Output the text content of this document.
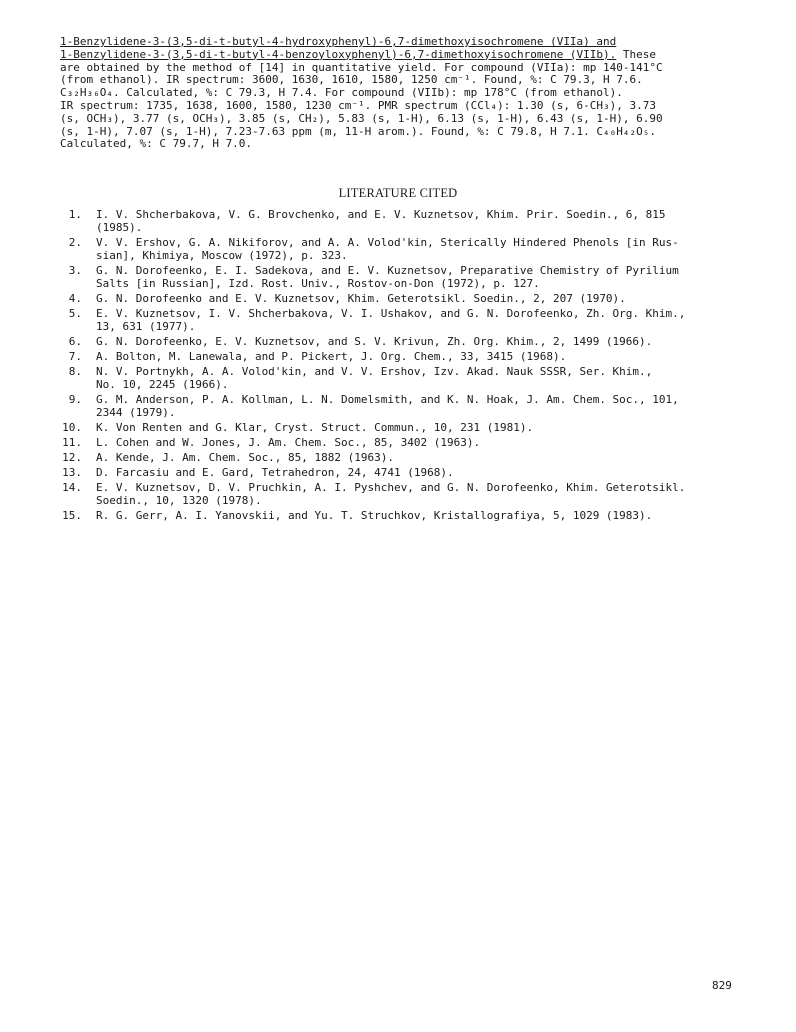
1-Benzylidene-3-(3,5-di-t-butyl-4-hydroxyphenyl)-6,7-dimethoxyisochromene (VIIa) and
1-Benzylidene-3-(3,5-di-t-butyl-4-benzoyloxyphenyl)-6,7-dimethoxyisochromene (VIIb). These
are obtained by the method of [14] in quantitative yield. For compound (VIIa): mp 140-141°C
(from ethanol). IR spectrum: 3600, 1630, 1610, 1580, 1250 cm⁻¹. Found, %: C 79.3, H 7.6.
C₃₂H₃₆O₄. Calculated, %: C 79.3, H 7.4. For compound (VIIb): mp 178°C (from ethanol).
IR spectrum: 1735, 1638, 1600, 1580, 1230 cm⁻¹. PMR spectrum (CCl₄): 1.30 (s, 6-CH₃), 3.73
(s, OCH₃), 3.77 (s, OCH₃), 3.85 (s, CH₂), 5.83 (s, 1-H), 6.13 (s, 1-H), 6.43 (s, 1-H), 6.90
(s, 1-H), 7.07 (s, 1-H), 7.23-7.63 ppm (m, 11-H arom.). Found, %: C 79.8, H 7.1. C₄₀H₄₂O₅.
Calculated, %: C 79.7, H 7.0.
LITERATURE CITED
1. I. V. Shcherbakova, V. G. Brovchenko, and E. V. Kuznetsov, Khim. Prir. Soedin., 6, 815
(1985).
2. V. V. Ershov, G. A. Nikiforov, and A. A. Volod'kin, Sterically Hindered Phenols [in Rus-
sian], Khimiya, Moscow (1972), p. 323.
3. G. N. Dorofeenko, E. I. Sadekova, and E. V. Kuznetsov, Preparative Chemistry of Pyrilium
Salts [in Russian], Izd. Rost. Univ., Rostov-on-Don (1972), p. 127.
4. G. N. Dorofeenko and E. V. Kuznetsov, Khim. Geterotsikl. Soedin., 2, 207 (1970).
5. E. V. Kuznetsov, I. V. Shcherbakova, V. I. Ushakov, and G. N. Dorofeenko, Zh. Org. Khim.,
13, 631 (1977).
6. G. N. Dorofeenko, E. V. Kuznetsov, and S. V. Krivun, Zh. Org. Khim., 2, 1499 (1966).
7. A. Bolton, M. Lanewala, and P. Pickert, J. Org. Chem., 33, 3415 (1968).
8. N. V. Portnykh, A. A. Volod'kin, and V. V. Ershov, Izv. Akad. Nauk SSSR, Ser. Khim.,
No. 10, 2245 (1966).
9. G. M. Anderson, P. A. Kollman, L. N. Domelsmith, and K. N. Hoak, J. Am. Chem. Soc., 101,
2344 (1979).
10. K. Von Renten and G. Klar, Cryst. Struct. Commun., 10, 231 (1981).
11. L. Cohen and W. Jones, J. Am. Chem. Soc., 85, 3402 (1963).
12. A. Kende, J. Am. Chem. Soc., 85, 1882 (1963).
13. D. Farcasiu and E. Gard, Tetrahedron, 24, 4741 (1968).
14. E. V. Kuznetsov, D. V. Pruchkin, A. I. Pyshchev, and G. N. Dorofeenko, Khim. Geterotsikl.
Soedin., 10, 1320 (1978).
15. R. G. Gerr, A. I. Yanovskii, and Yu. T. Struchkov, Kristallografiya, 5, 1029 (1983).
829
